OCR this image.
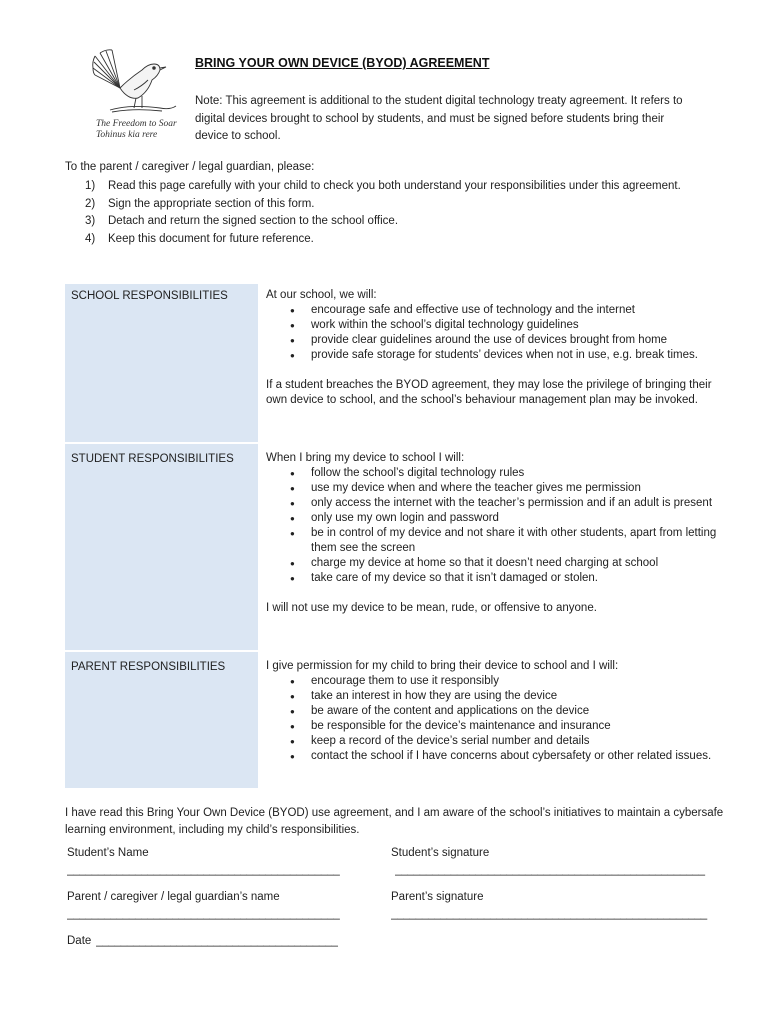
The Freedom to Soar
Tohinus kia rere
BRING YOUR OWN DEVICE (BYOD) AGREEMENT
Note: This agreement is additional to the student digital technology treaty agreement. It refers to digital devices brought to school by students, and must be signed before students bring their device to school.
To the parent / caregiver / legal guardian, please:
1) Read this page carefully with your child to check you both understand your responsibilities under this agreement.
2) Sign the appropriate section of this form.
3) Detach and return the signed section to the school office.
4) Keep this document for future reference.
SCHOOL RESPONSIBILITIES	At our school, we will:

● encourage safe and effective use of technology and the internet
● work within the school’s digital technology guidelines
● provide clear guidelines around the use of devices brought from home
● provide safe storage for students’ devices when not in use, e.g. break times.

If a student breaches the BYOD agreement, they may lose the privilege of bringing their own device to school, and the school’s behaviour management plan may be invoked.

STUDENT RESPONSIBILITIES	When I bring my device to school I will:

● follow the school’s digital technology rules
● use my device when and where the teacher gives me permission
● only access the internet with the teacher’s permission and if an adult is present
● only use my own login and password
● be in control of my device and not share it with other students, apart from letting them see the screen
● charge my device at home so that it doesn’t need charging at school
● take care of my device so that it isn’t damaged or stolen.

I will not use my device to be mean, rude, or offensive to anyone.

PARENT RESPONSIBILITIES	I give permission for my child to bring their device to school and I will:

● encourage them to use it responsibly
● take an interest in how they are using the device
● be aware of the content and applications on the device
● be responsible for the device’s maintenance and insurance
● keep a record of the device’s serial number and details
● contact the school if I have concerns about cybersafety or other related issues.
I have read this Bring Your Own Device (BYOD) use agreement, and I am aware of the school’s initiatives to maintain a cybersafe learning environment, including my child’s responsibilities.
Student’s Name
____________________________________________
Student’s signature
__________________________________________________
Parent / caregiver / legal guardian’s name
____________________________________________
Parent’s signature
___________________________________________________
Date _______________________________________
